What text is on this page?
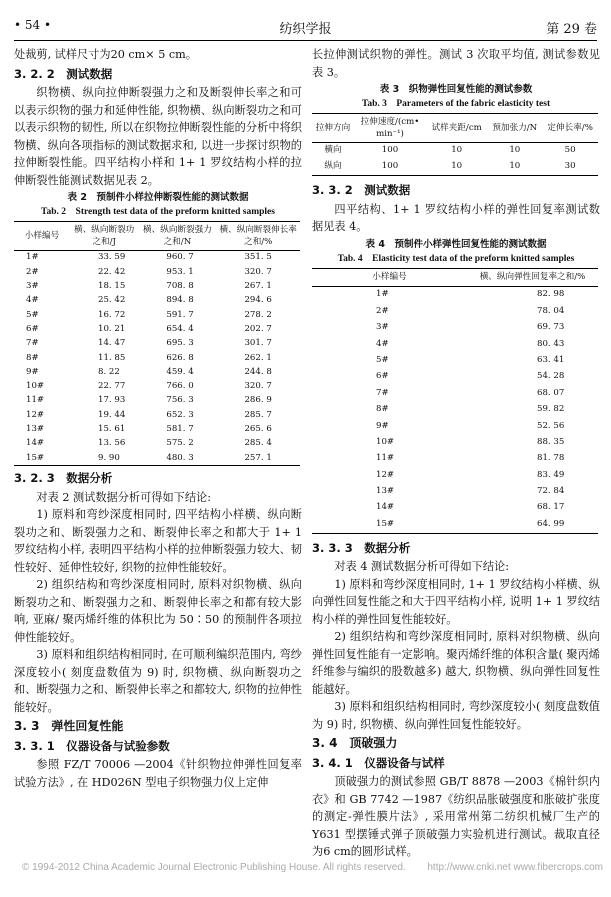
• 54 •	纺织学报	第 29 卷

处裁剪, 试样尺寸为20 cm× 5 cm。

3. 2. 2　测试数据

织物横、纵向拉伸断裂强力之和及断裂伸长率之和可以表示织物的强力和延伸性能, 织物横、纵向断裂功之和可以表示织物的韧性, 所以在织物拉伸断裂性能的分析中将织物横、纵向各项指标的测试数据求和, 以进一步探讨织物的拉伸断裂性能。四平结构小样和 1+ 1 罗纹结构小样的拉伸断裂性能测试数据见表 2。

表 2　预制件小样拉伸断裂性能的测试数据
Tab. 2　Strength test data of the preform knitted samples
小样编号	横、纵向断裂功之和/J	横、纵向断裂强力之和/N	横、纵向断裂伸长率之和/%
1#	33. 59	960. 7	351. 5
2#	22. 42	953. 1	320. 7
3#	18. 15	708. 8	267. 1
4#	25. 42	894. 8	294. 6
5#	16. 72	591. 7	278. 2
6#	10. 21	654. 4	202. 7
7#	14. 47	695. 3	301. 7
8#	11. 85	626. 8	262. 1
9#	8. 22	459. 4	244. 8
10#	22. 77	766. 0	320. 7
11#	17. 93	756. 3	286. 9
12#	19. 44	652. 3	285. 7
13#	15. 61	581. 7	265. 6
14#	13. 56	575. 2	285. 4
15#	9. 90	480. 3	257. 1
3. 2. 3　数据分析

对表 2 测试数据分析可得如下结论:

1) 原料和弯纱深度相同时, 四平结构小样横、纵向断裂功之和、断裂强力之和、断裂伸长率之和都大于 1+ 1 罗纹结构小样, 表明四平结构小样的拉伸断裂强力较大、韧性较好、延伸性较好, 织物的拉伸性能较好。

2) 组织结构和弯纱深度相同时, 原料对织物横、纵向断裂功之和、断裂强力之和、断裂伸长率之和都有较大影响, 亚麻/ 聚丙烯纤维的体积比为 50∶50 的预制件各项拉伸性能较好。

3) 原料和组织结构相同时, 在可顺利编织范围内, 弯纱深度较小( 刻度盘数值为 9) 时, 织物横、纵向断裂功之和、断裂强力之和、断裂伸长率之和都较大, 织物的拉伸性能较好。

3. 3　弹性回复性能
3. 3. 1　仪器设备与试验参数

参照 FZ/T 70006 —2004《针织物拉伸弹性回复率试验方法》, 在 HD026N 型电子织物强力仪上定伸

长拉伸测试织物的弹性。测试 3 次取平均值, 测试参数见表 3。

表 3　织物弹性回复性能的测试参数
Tab. 3　Parameters of the fabric elasticity test
拉伸方向	拉伸速度/(cm• min⁻¹)	试样夹距/cm	预加张力/N	定伸长率/%
横向	100	10	10	50
纵向	100	10	10	30
3. 3. 2　测试数据

四平结构、1+ 1 罗纹结构小样的弹性回复率测试数据见表 4。

表 4　预制件小样弹性回复性能的测试数据
Tab. 4　Elasticity test data of the preform knitted samples
小样编号	横、纵向弹性回复率之和/%
1#	82. 98
2#	78. 04
3#	69. 73
4#	80. 43
5#	63. 41
6#	54. 28
7#	68. 07
8#	59. 82
9#	52. 56
10#	88. 35
11#	81. 78
12#	83. 49
13#	72. 84
14#	68. 17
15#	64. 99
3. 3. 3　数据分析

对表 4 测试数据分析可得如下结论:

1) 原料和弯纱深度相同时, 1+ 1 罗纹结构小样横、纵向弹性回复性能之和大于四平结构小样, 说明 1+ 1 罗纹结构小样的弹性回复性能较好。

2) 组织结构和弯纱深度相同时, 原料对织物横、纵向弹性回复性能有一定影响。聚丙烯纤维的体积含量( 聚丙烯纤维参与编织的股数越多) 越大, 织物横、纵向弹性回复性能越好。

3) 原料和组织结构相同时, 弯纱深度较小( 刻度盘数值为 9) 时, 织物横、纵向弹性回复性能较好。

3. 4　顶破强力
3. 4. 1　仪器设备与试样

顶破强力的测试参照 GB/T 8878 —2003《棉针织内衣》和 GB 7742 —1987《纺织品胀破强度和胀破扩张度的测定-弹性膜片法》, 采用常州第二纺织机械厂生产的 Y631 型摆锤式弹子顶破强力实验机进行测试。裁取直径为6 cm的圆形试样。

© 1994-2012 China Academic Journal Electronic Publishing House. All rights reserved. http://www.cnki.net www.fibercrops.com
